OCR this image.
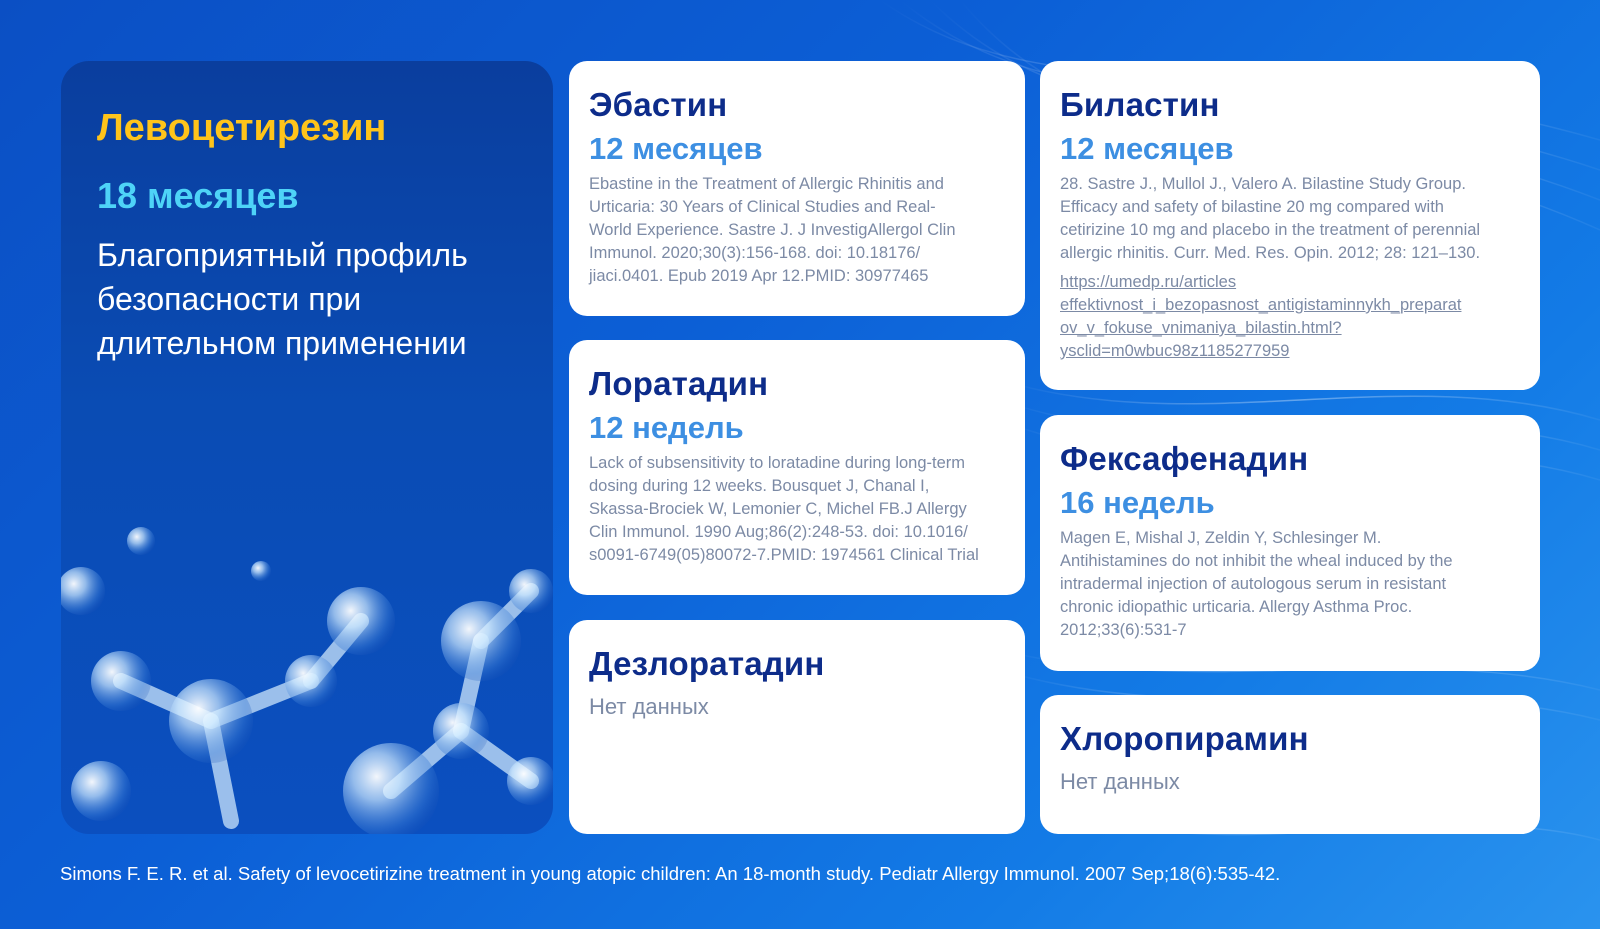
Левоцетирезин
18 месяцев
Благоприятный профиль безопасности при длительном применении
Эбастин
12 месяцев

Ebastine in the Treatment of Allergic Rhinitis and
Urticaria: 30 Years of Clinical Studies and Real-
World Experience. Sastre J. J InvestigAllergol Clin
Immunol. 2020;30(3):156-168. doi: 10.18176/
jiaci.0401. Epub 2019 Apr 12.PMID: 30977465

Лоратадин
12 недель

Lack of subsensitivity to loratadine during long-term
dosing during 12 weeks. Bousquet J, Chanal I,
Skassa-Brociek W, Lemonier C, Michel FB.J Allergy
Clin Immunol. 1990 Aug;86(2):248-53. doi: 10.1016/
s0091-6749(05)80072-7.PMID: 1974561 Clinical Trial

Дезлоратадин
Нет данных
Биластин
12 месяцев

28. Sastre J., Mullol J., Valero A. Bilastine Study Group.
Efficacy and safety of bilastine 20 mg compared with
cetirizine 10 mg and placebo in the treatment of perennial
allergic rhinitis. Curr. Med. Res. Opin. 2012; 28: 121–130.

https://umedp.ru/articles
effektivnost_i_bezopasnost_antigistaminnykh_preparat
ov_v_fokuse_vnimaniya_bilastin.html?
ysclid=m0wbuc98z1185277959
Фексафенадин
16 недель

Magen E, Mishal J, Zeldin Y, Schlesinger M.
Antihistamines do not inhibit the wheal induced by the
intradermal injection of autologous serum in resistant
chronic idiopathic urticaria. Allergy Asthma Proc.
2012;33(6):531-7

Хлоропирамин
Нет данных
Simons F. E. R. et al. Safety of levocetirizine treatment in young atopic children: An 18-month study. Pediatr Allergy Immunol. 2007 Sep;18(6):535-42.
